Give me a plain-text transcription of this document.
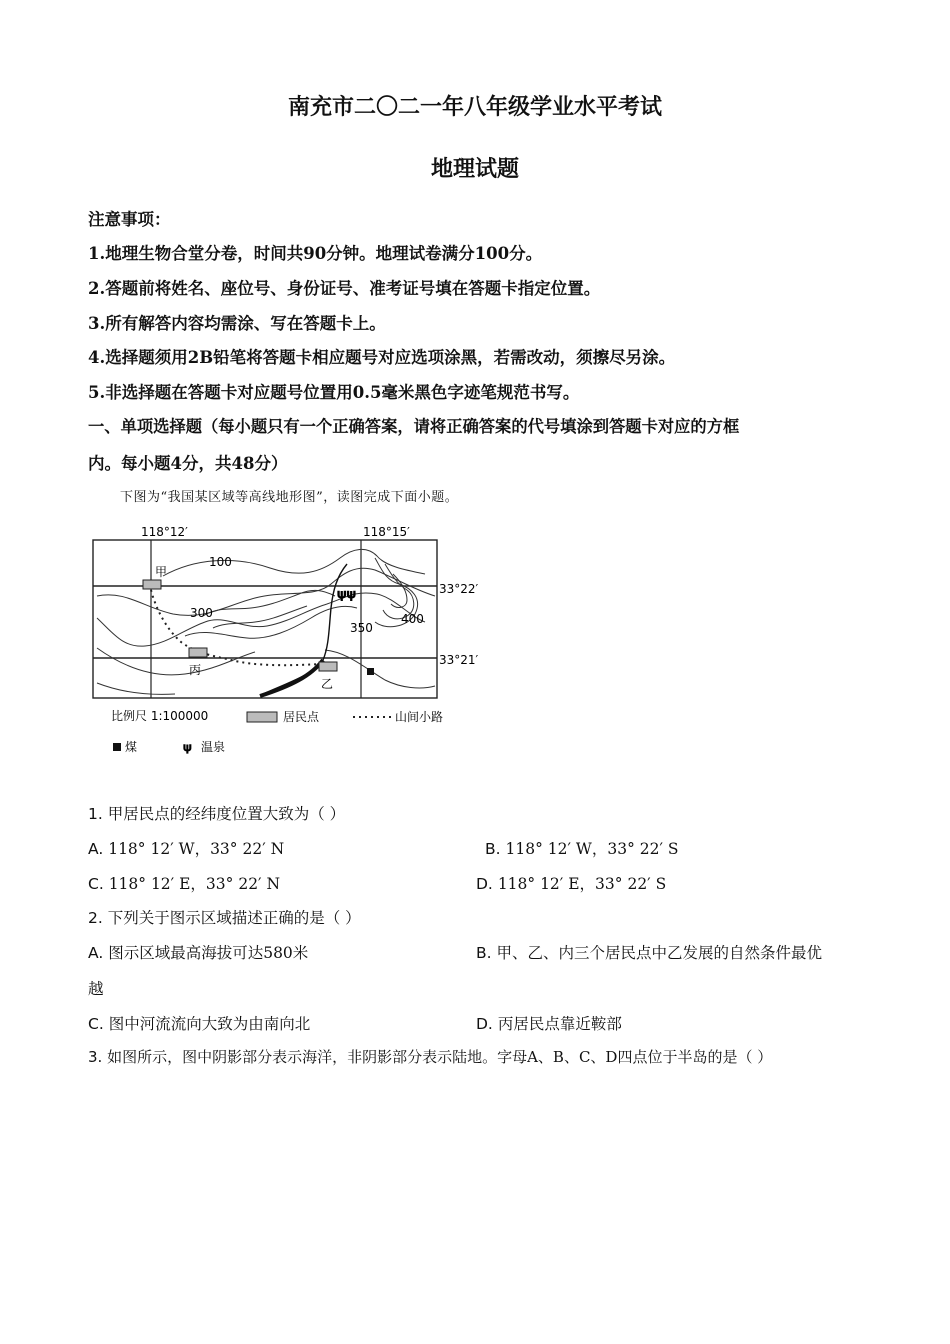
南充市二〇二一年八年级学业水平考试
地理试题
注意事项：
1.地理生物合堂分卷，时间共90分钟。地理试卷满分100分。
2.答题前将姓名、座位号、身份证号、准考证号填在答题卡指定位置。
3.所有解答内容均需涂、写在答题卡上。
4.选择题须用2B铅笔将答题卡相应题号对应选项涂黑，若需改动，须擦尽另涂。
5.非选择题在答题卡对应题号位置用0.5毫米黑色字迹笔规范书写。
一、单项选择题（每小题只有一个正确答案，请将正确答案的代号填涂到答题卡对应的方框
内。每小题4分，共48分）
下图为“我国某区域等高线地形图”，读图完成下面小题。
𝛙𝛙
118°12′	118°15′
33°22′
33°21′
100
300
350
400
甲
丙
乙
比例尺 1:100000	居民点	山间小路
煤	𝛙 温泉
1. 甲居民点的经纬度位置大致为（ ）
A. 118° 12′ W，33° 22′ N	B. 118° 12′ W，33° 22′ S
C. 118° 12′ E，33° 22′ N	D. 118° 12′ E，33° 22′ S
2. 下列关于图示区域描述正确的是（ ）
A. 图示区域最高海拔可达580米	B. 甲、乙、内三个居民点中乙发展的自然条件最优
越
C. 图中河流流向大致为由南向北	D. 丙居民点靠近鞍部
3. 如图所示，图中阴影部分表示海洋，非阴影部分表示陆地。字母A、B、C、D四点位于半岛的是（ ）
